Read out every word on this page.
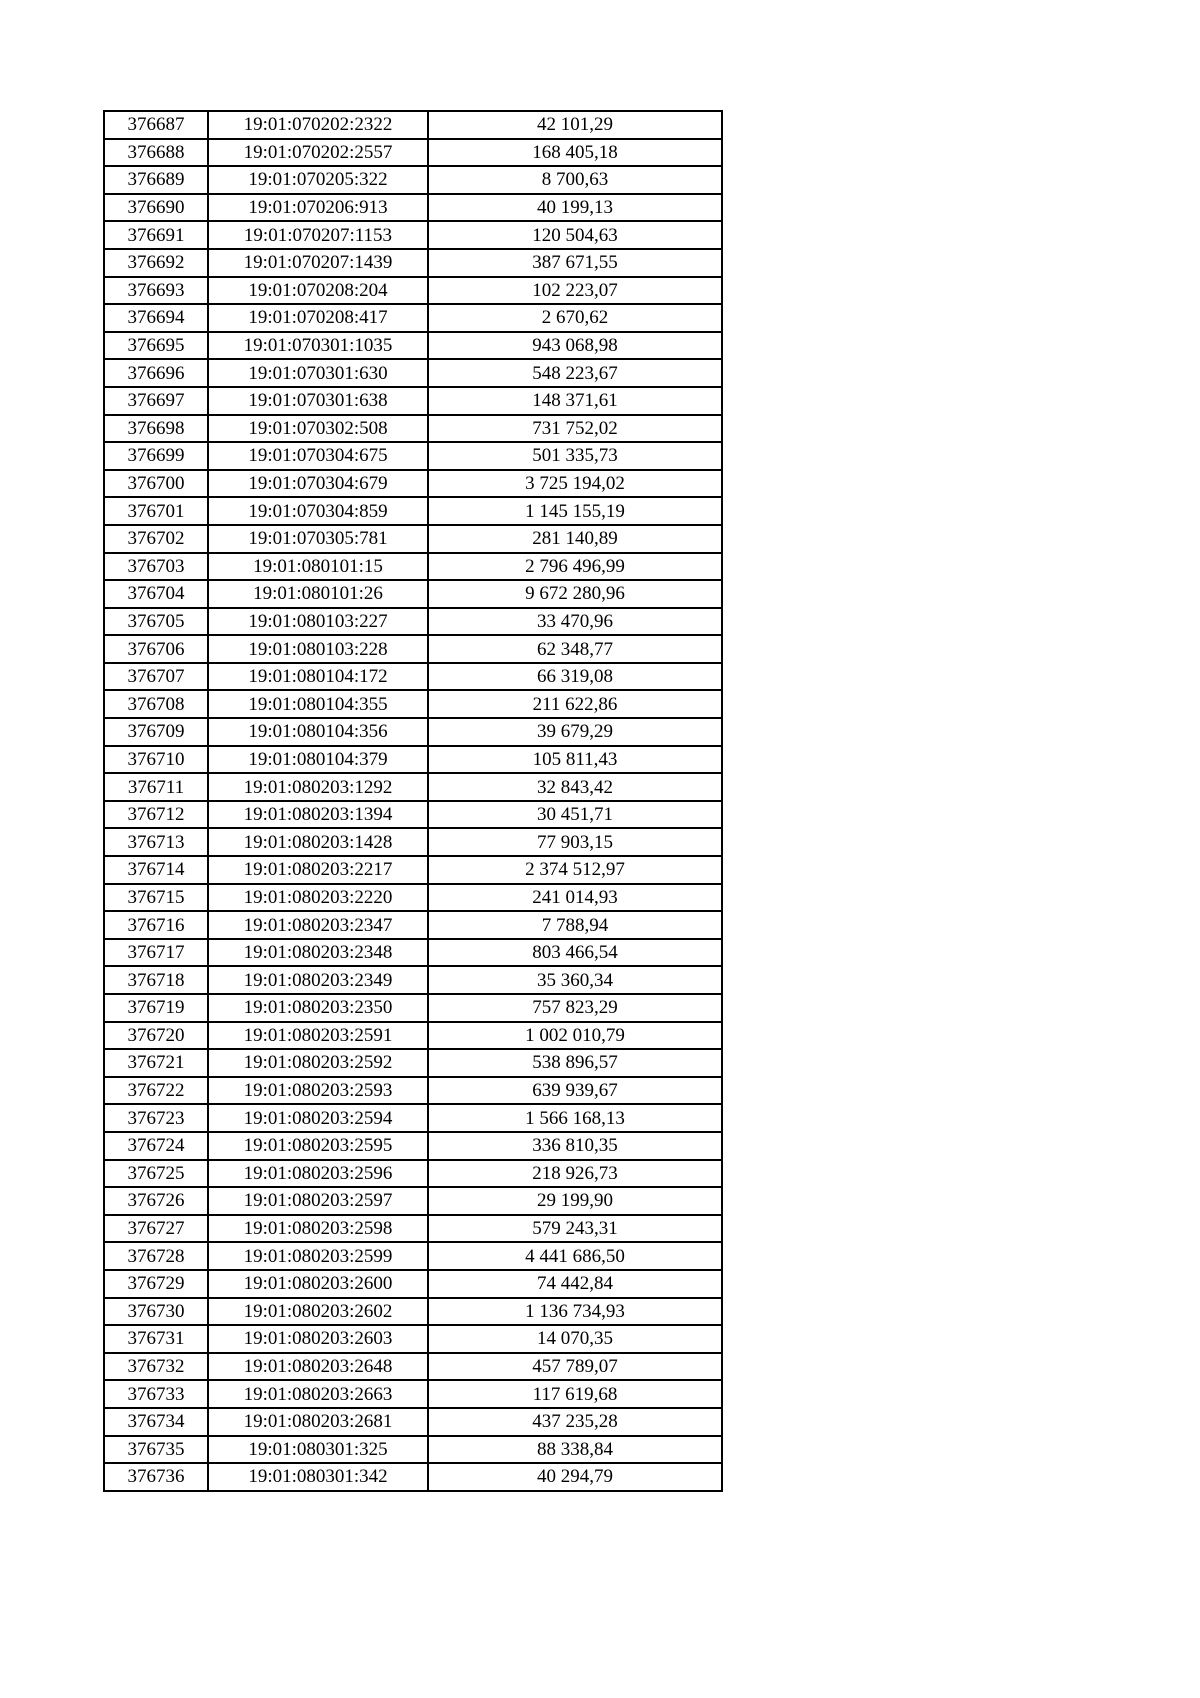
376687	19:01:070202:2322	42 101,29
376688	19:01:070202:2557	168 405,18
376689	19:01:070205:322	8 700,63
376690	19:01:070206:913	40 199,13
376691	19:01:070207:1153	120 504,63
376692	19:01:070207:1439	387 671,55
376693	19:01:070208:204	102 223,07
376694	19:01:070208:417	2 670,62
376695	19:01:070301:1035	943 068,98
376696	19:01:070301:630	548 223,67
376697	19:01:070301:638	148 371,61
376698	19:01:070302:508	731 752,02
376699	19:01:070304:675	501 335,73
376700	19:01:070304:679	3 725 194,02
376701	19:01:070304:859	1 145 155,19
376702	19:01:070305:781	281 140,89
376703	19:01:080101:15	2 796 496,99
376704	19:01:080101:26	9 672 280,96
376705	19:01:080103:227	33 470,96
376706	19:01:080103:228	62 348,77
376707	19:01:080104:172	66 319,08
376708	19:01:080104:355	211 622,86
376709	19:01:080104:356	39 679,29
376710	19:01:080104:379	105 811,43
376711	19:01:080203:1292	32 843,42
376712	19:01:080203:1394	30 451,71
376713	19:01:080203:1428	77 903,15
376714	19:01:080203:2217	2 374 512,97
376715	19:01:080203:2220	241 014,93
376716	19:01:080203:2347	7 788,94
376717	19:01:080203:2348	803 466,54
376718	19:01:080203:2349	35 360,34
376719	19:01:080203:2350	757 823,29
376720	19:01:080203:2591	1 002 010,79
376721	19:01:080203:2592	538 896,57
376722	19:01:080203:2593	639 939,67
376723	19:01:080203:2594	1 566 168,13
376724	19:01:080203:2595	336 810,35
376725	19:01:080203:2596	218 926,73
376726	19:01:080203:2597	29 199,90
376727	19:01:080203:2598	579 243,31
376728	19:01:080203:2599	4 441 686,50
376729	19:01:080203:2600	74 442,84
376730	19:01:080203:2602	1 136 734,93
376731	19:01:080203:2603	14 070,35
376732	19:01:080203:2648	457 789,07
376733	19:01:080203:2663	117 619,68
376734	19:01:080203:2681	437 235,28
376735	19:01:080301:325	88 338,84
376736	19:01:080301:342	40 294,79
